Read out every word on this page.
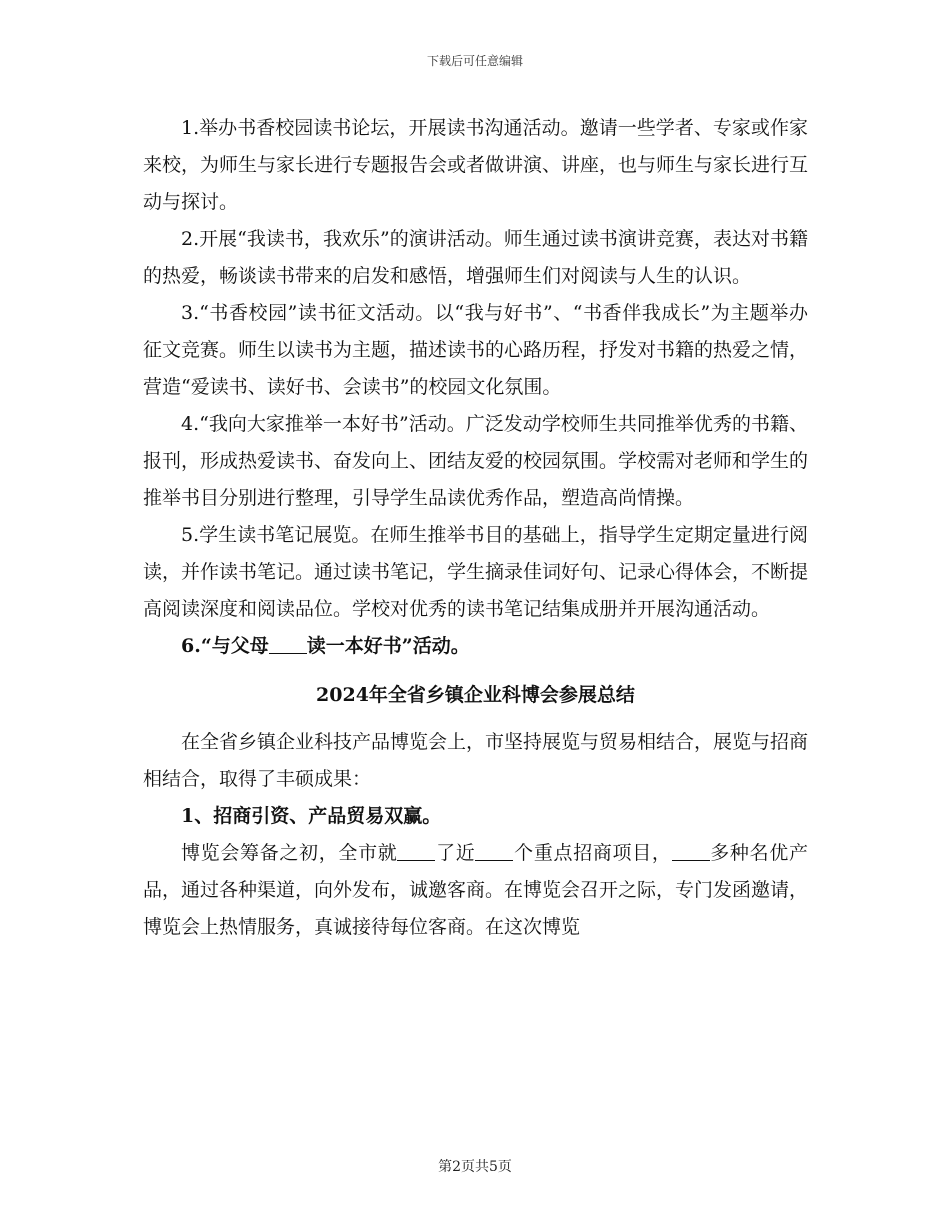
下载后可任意编辑

1.举办书香校园读书论坛，开展读书沟通活动。邀请一些学者、专家或作家来校，为师生与家长进行专题报告会或者做讲演、讲座，也与师生与家长进行互动与探讨。

2.开展“我读书，我欢乐”的演讲活动。师生通过读书演讲竞赛，表达对书籍的热爱，畅谈读书带来的启发和感悟，增强师生们对阅读与人生的认识。

3.“书香校园”读书征文活动。以“我与好书”、“书香伴我成长”为主题举办征文竞赛。师生以读书为主题，描述读书的心路历程，抒发对书籍的热爱之情，营造“爱读书、读好书、会读书”的校园文化氛围。

4.“我向大家推举一本好书”活动。广泛发动学校师生共同推举优秀的书籍、报刊，形成热爱读书、奋发向上、团结友爱的校园氛围。学校需对老师和学生的推举书目分别进行整理，引导学生品读优秀作品，塑造高尚情操。

5.学生读书笔记展览。在师生推举书目的基础上，指导学生定期定量进行阅读，并作读书笔记。通过读书笔记，学生摘录佳词好句、记录心得体会，不断提高阅读深度和阅读品位。学校对优秀的读书笔记结集成册并开展沟通活动。

6.“与父母 读一本好书”活动。

2024年全省乡镇企业科博会参展总结

在全省乡镇企业科技产品博览会上，市坚持展览与贸易相结合，展览与招商相结合，取得了丰硕成果：

1、招商引资、产品贸易双赢。

博览会筹备之初，全市就 了近 个重点招商项目， 多种名优产品，通过各种渠道，向外发布，诚邀客商。在博览会召开之际，专门发函邀请，博览会上热情服务，真诚接待每位客商。在这次博览

第2页共5页
